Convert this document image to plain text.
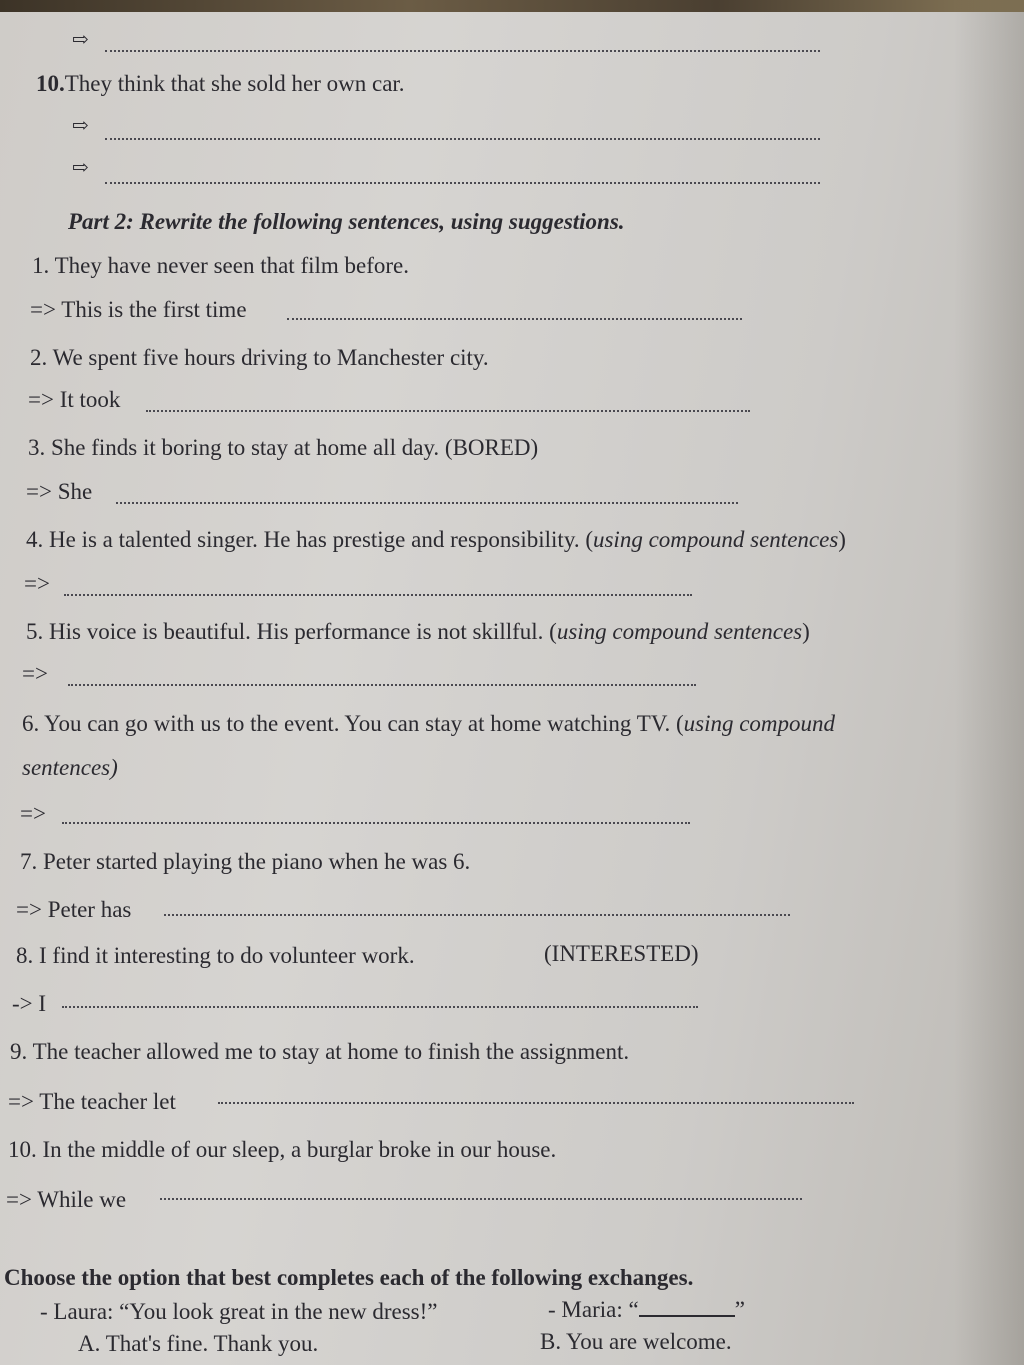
⇨
10.They think that she sold her own car.
⇨
⇨
Part 2: Rewrite the following sentences, using suggestions.
1. They have never seen that film before.
=> This is the first time
2. We spent five hours driving to Manchester city.
=> It took
3. She finds it boring to stay at home all day. (BORED)
=> She
4. He is a talented singer. He has prestige and responsibility. (using compound sentences)
=>
5. His voice is beautiful. His performance is not skillful. (using compound sentences)
=>
6. You can go with us to the event. You can stay at home watching TV. (using compound
sentences)
=>
7. Peter started playing the piano when he was 6.
=> Peter has
8. I find it interesting to do volunteer work.	(INTERESTED)
-> I
9. The teacher allowed me to stay at home to finish the assignment.
=> The teacher let
10. In the middle of our sleep, a burglar broke in our house.
=> While we
Choose the option that best completes each of the following exchanges.
- Laura: “You look great in the new dress!”	- Maria: “	”
A. That's fine. Thank you.	B. You are welcome.
